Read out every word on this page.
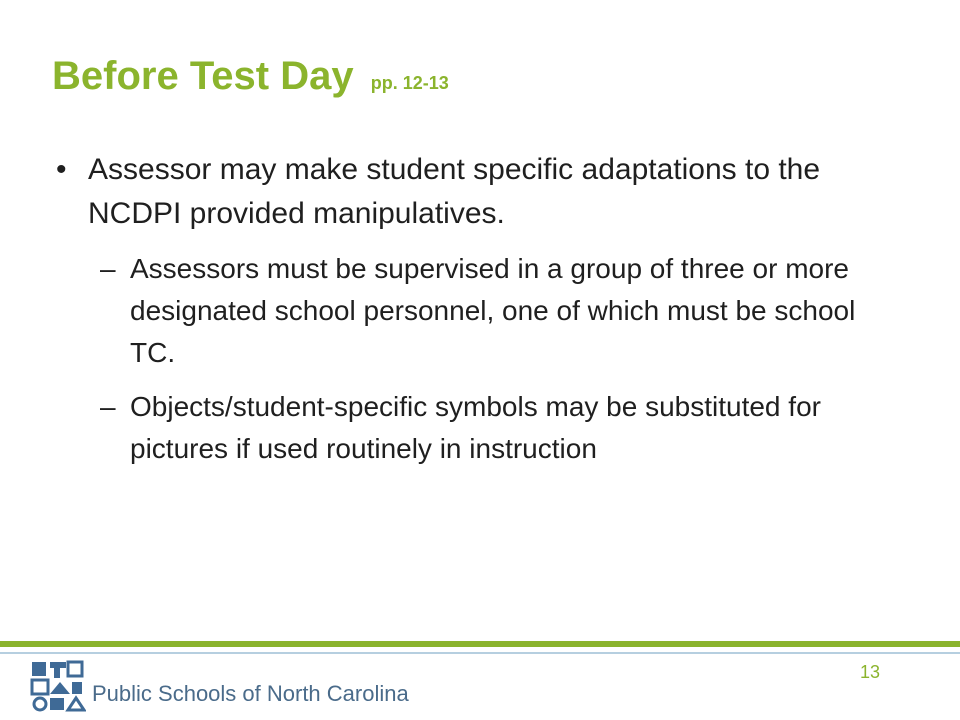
Before Test Day pp. 12-13
• Assessor may make student specific adaptations to the NCDPI provided manipulatives.
– Assessors must be supervised in a group of three or more designated school personnel, one of which must be school TC.
– Objects/student-specific symbols may be substituted for pictures if used routinely in instruction
Public Schools of North Carolina
13
